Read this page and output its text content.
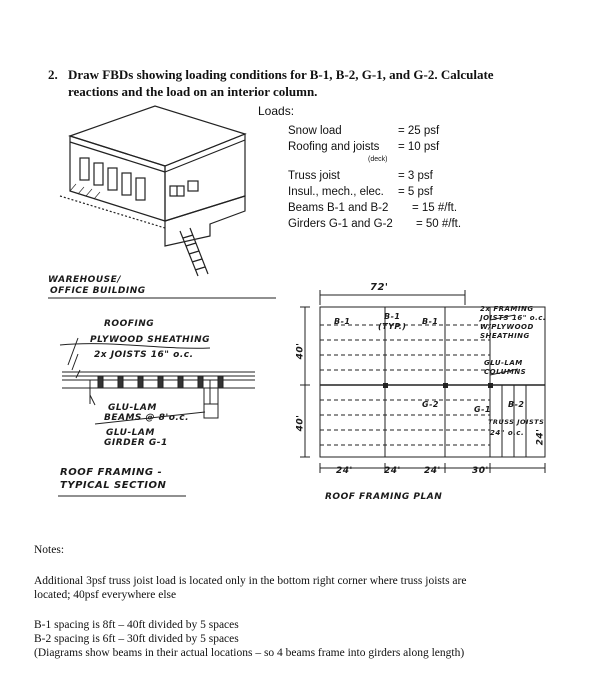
2. Draw FBDs showing loading conditions for B-1, B-2, G-1, and G-2. Calculate
reactions and the load on an interior column.
Loads:
Snow load	= 25 psf
Roofing and joists = 10 psf
(deck)
Truss joist	= 3 psf
Insul., mech., elec. = 5 psf
Beams B-1 and B-2 = 15 #/ft.
Girders G-1 and G-2 = 50 #/ft.
WAREHOUSE/
OFFICE BUILDING
ROOFING
PLYWOOD SHEATHING
2x JOISTS 16" o.c.
GLU-LAM
BEAMS @ 8'o.c.
GLU-LAM
GIRDER G-1
ROOF FRAMING -
TYPICAL SECTION
72'
40'
40'
24'	24'	24'	30'
24'
B-1
B-1
(TYP.)
B-1
G-2	B-2
G-1
TRUSS JOISTS
24" o.c.
2x FRAMING
JOISTS 16" o.c.
W/PLYWOOD
SHEATHING
GLU-LAM
COLUMNS
ROOF FRAMING PLAN
Notes:
Additional 3psf truss joist load is located only in the bottom right corner where truss joists are
located; 40psf everywhere else
B-1 spacing is 8ft – 40ft divided by 5 spaces
B-2 spacing is 6ft – 30ft divided by 5 spaces
(Diagrams show beams in their actual locations – so 4 beams frame into girders along length)
